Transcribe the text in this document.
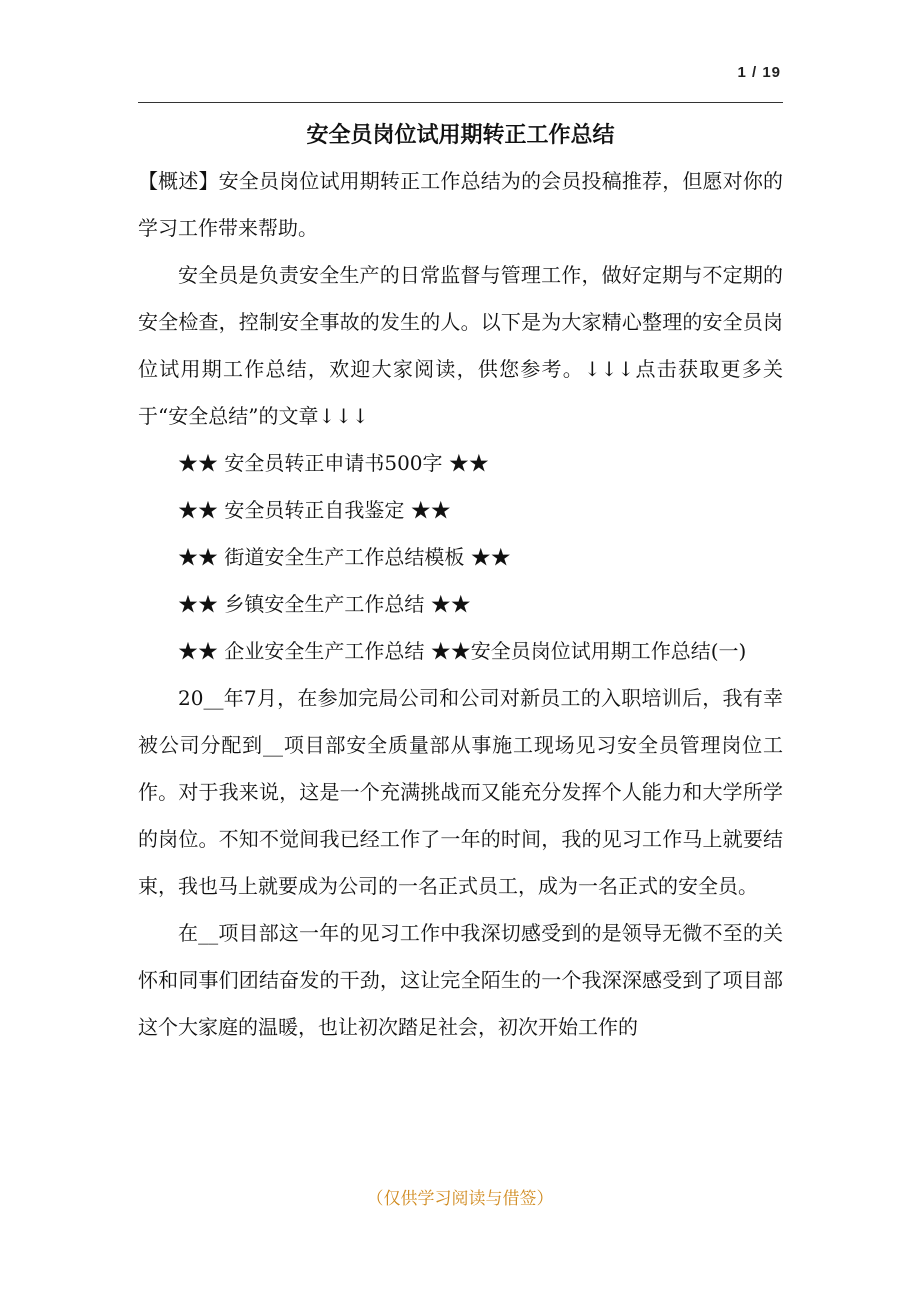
1 / 19
安全员岗位试用期转正工作总结

【概述】安全员岗位试用期转正工作总结为的会员投稿推荐，但愿对你的学习工作带来帮助。

安全员是负责安全生产的日常监督与管理工作，做好定期与不定期的安全检查，控制安全事故的发生的人。以下是为大家精心整理的安全员岗位试用期工作总结，欢迎大家阅读，供您参考。↓↓↓点击获取更多关于“安全总结”的文章↓↓↓

★★ 安全员转正申请书500字 ★★

★★ 安全员转正自我鉴定 ★★

★★ 街道安全生产工作总结模板 ★★

★★ 乡镇安全生产工作总结 ★★

★★ 企业安全生产工作总结 ★★安全员岗位试用期工作总结(一)

20__年7月，在参加完局公司和公司对新员工的入职培训后，我有幸被公司分配到__项目部安全质量部从事施工现场见习安全员管理岗位工作。对于我来说，这是一个充满挑战而又能充分发挥个人能力和大学所学的岗位。不知不觉间我已经工作了一年的时间，我的见习工作马上就要结束，我也马上就要成为公司的一名正式员工，成为一名正式的安全员。

在__项目部这一年的见习工作中我深切感受到的是领导无微不至的关怀和同事们团结奋发的干劲，这让完全陌生的一个我深深感受到了项目部这个大家庭的温暖，也让初次踏足社会，初次开始工作的

（仅供学习阅读与借签）
